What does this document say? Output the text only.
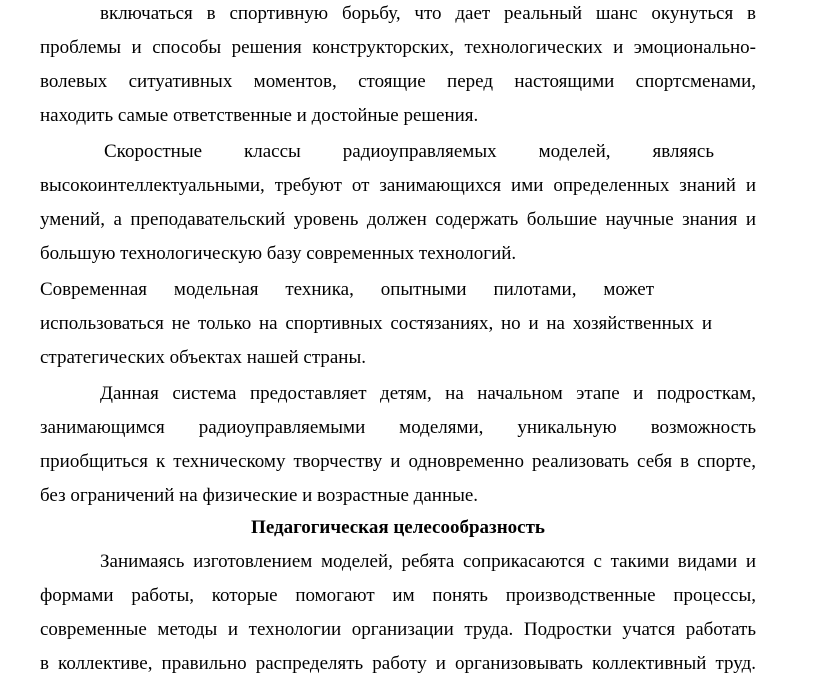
включаться в спортивную борьбу, что дает реальный шанс окунуться в
проблемы и способы решения конструкторских, технологических и эмоционально-
волевых ситуативных моментов, стоящие перед настоящими спортсменами,
находить самые ответственные и достойные решения.
Скоростные классы радиоуправляемых моделей, являясь
высокоинтеллектуальными, требуют от занимающихся ими определенных знаний и
умений, а преподавательский уровень должен содержать большие научные знания и
большую технологическую базу современных технологий.
Современная модельная техника, опытными пилотами, может
использоваться не только на спортивных состязаниях, но и на хозяйственных и
стратегических объектах нашей страны.
Данная система предоставляет детям, на начальном этапе и подросткам,
занимающимся радиоуправляемыми моделями, уникальную возможность
приобщиться к техническому творчеству и одновременно реализовать себя в спорте,
без ограничений на физические и возрастные данные.
Педагогическая целесообразность
Занимаясь изготовлением моделей, ребята соприкасаются с такими видами и
формами работы, которые помогают им понять производственные процессы,
современные методы и технологии организации труда. Подростки учатся работать
в коллективе, правильно распределять работу и организовывать коллективный труд.
